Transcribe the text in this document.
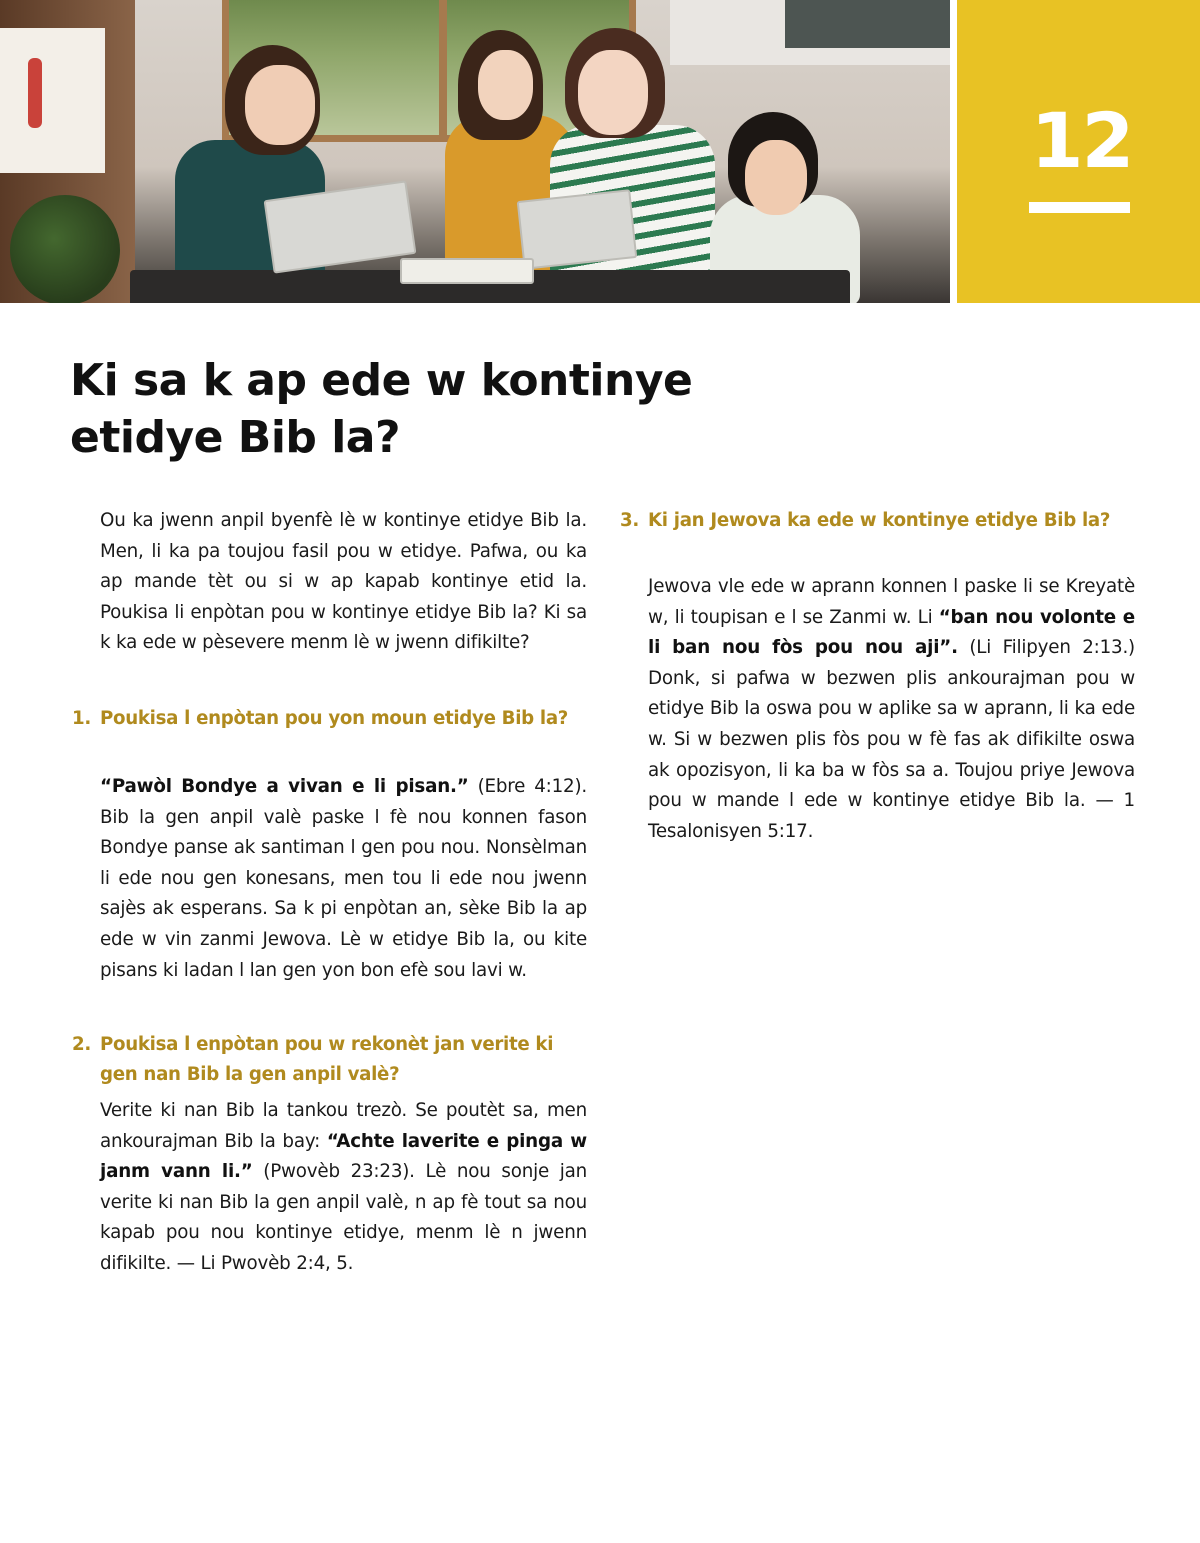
12
Ki sa k ap ede w kontinye
etidye Bib la?

Ou ka jwenn anpil byenfè lè w kontinye etidye Bib la. Men, li ka pa toujou fasil pou w etidye. Pafwa, ou ka ap mande tèt ou si w ap kapab kontinye etid la. Poukisa li enpòtan pou w kontinye etidye Bib la? Ki sa k ka ede w pèsevere menm lè w jwenn difikilte?

1. Poukisa l enpòtan pou yon moun etidye Bib la?

“Pawòl Bondye a vivan e li pisan.” (Ebre 4:12). Bib la gen anpil valè paske l fè nou konnen fason Bondye panse ak santiman l gen pou nou. Nonsèlman li ede nou gen konesans, men tou li ede nou jwenn sajès ak esperans. Sa k pi enpòtan an, sèke Bib la ap ede w vin zanmi Jewova. Lè w etidye Bib la, ou kite pisans ki ladan l lan gen yon bon efè sou lavi w.

2. Poukisa l enpòtan pou w rekonèt jan verite ki gen nan Bib la gen anpil valè?

Verite ki nan Bib la tankou trezò. Se poutèt sa, men ankourajman Bib la bay: “Achte laverite e pinga w janm vann li.” (Pwovèb 23:23). Lè nou sonje jan verite ki nan Bib la gen anpil valè, n ap fè tout sa nou kapab pou nou kontinye etidye, menm lè n jwenn difikilte. — Li Pwovèb 2:4, 5.

3. Ki jan Jewova ka ede w kontinye etidye Bib la?

Jewova vle ede w aprann konnen l paske li se Kreyatè w, li toupisan e l se Zanmi w. Li “ban nou volonte e li ban nou fòs pou nou aji”. (Li Filipyen 2:13.) Donk, si pafwa w bezwen plis ankourajman pou w etidye Bib la oswa pou w aplike sa w aprann, li ka ede w. Si w bezwen plis fòs pou w fè fas ak difikilte oswa ak opozisyon, li ka ba w fòs sa a. Toujou priye Jewova pou w mande l ede w kontinye etidye Bib la. — 1 Tesalonisyen 5:17.
